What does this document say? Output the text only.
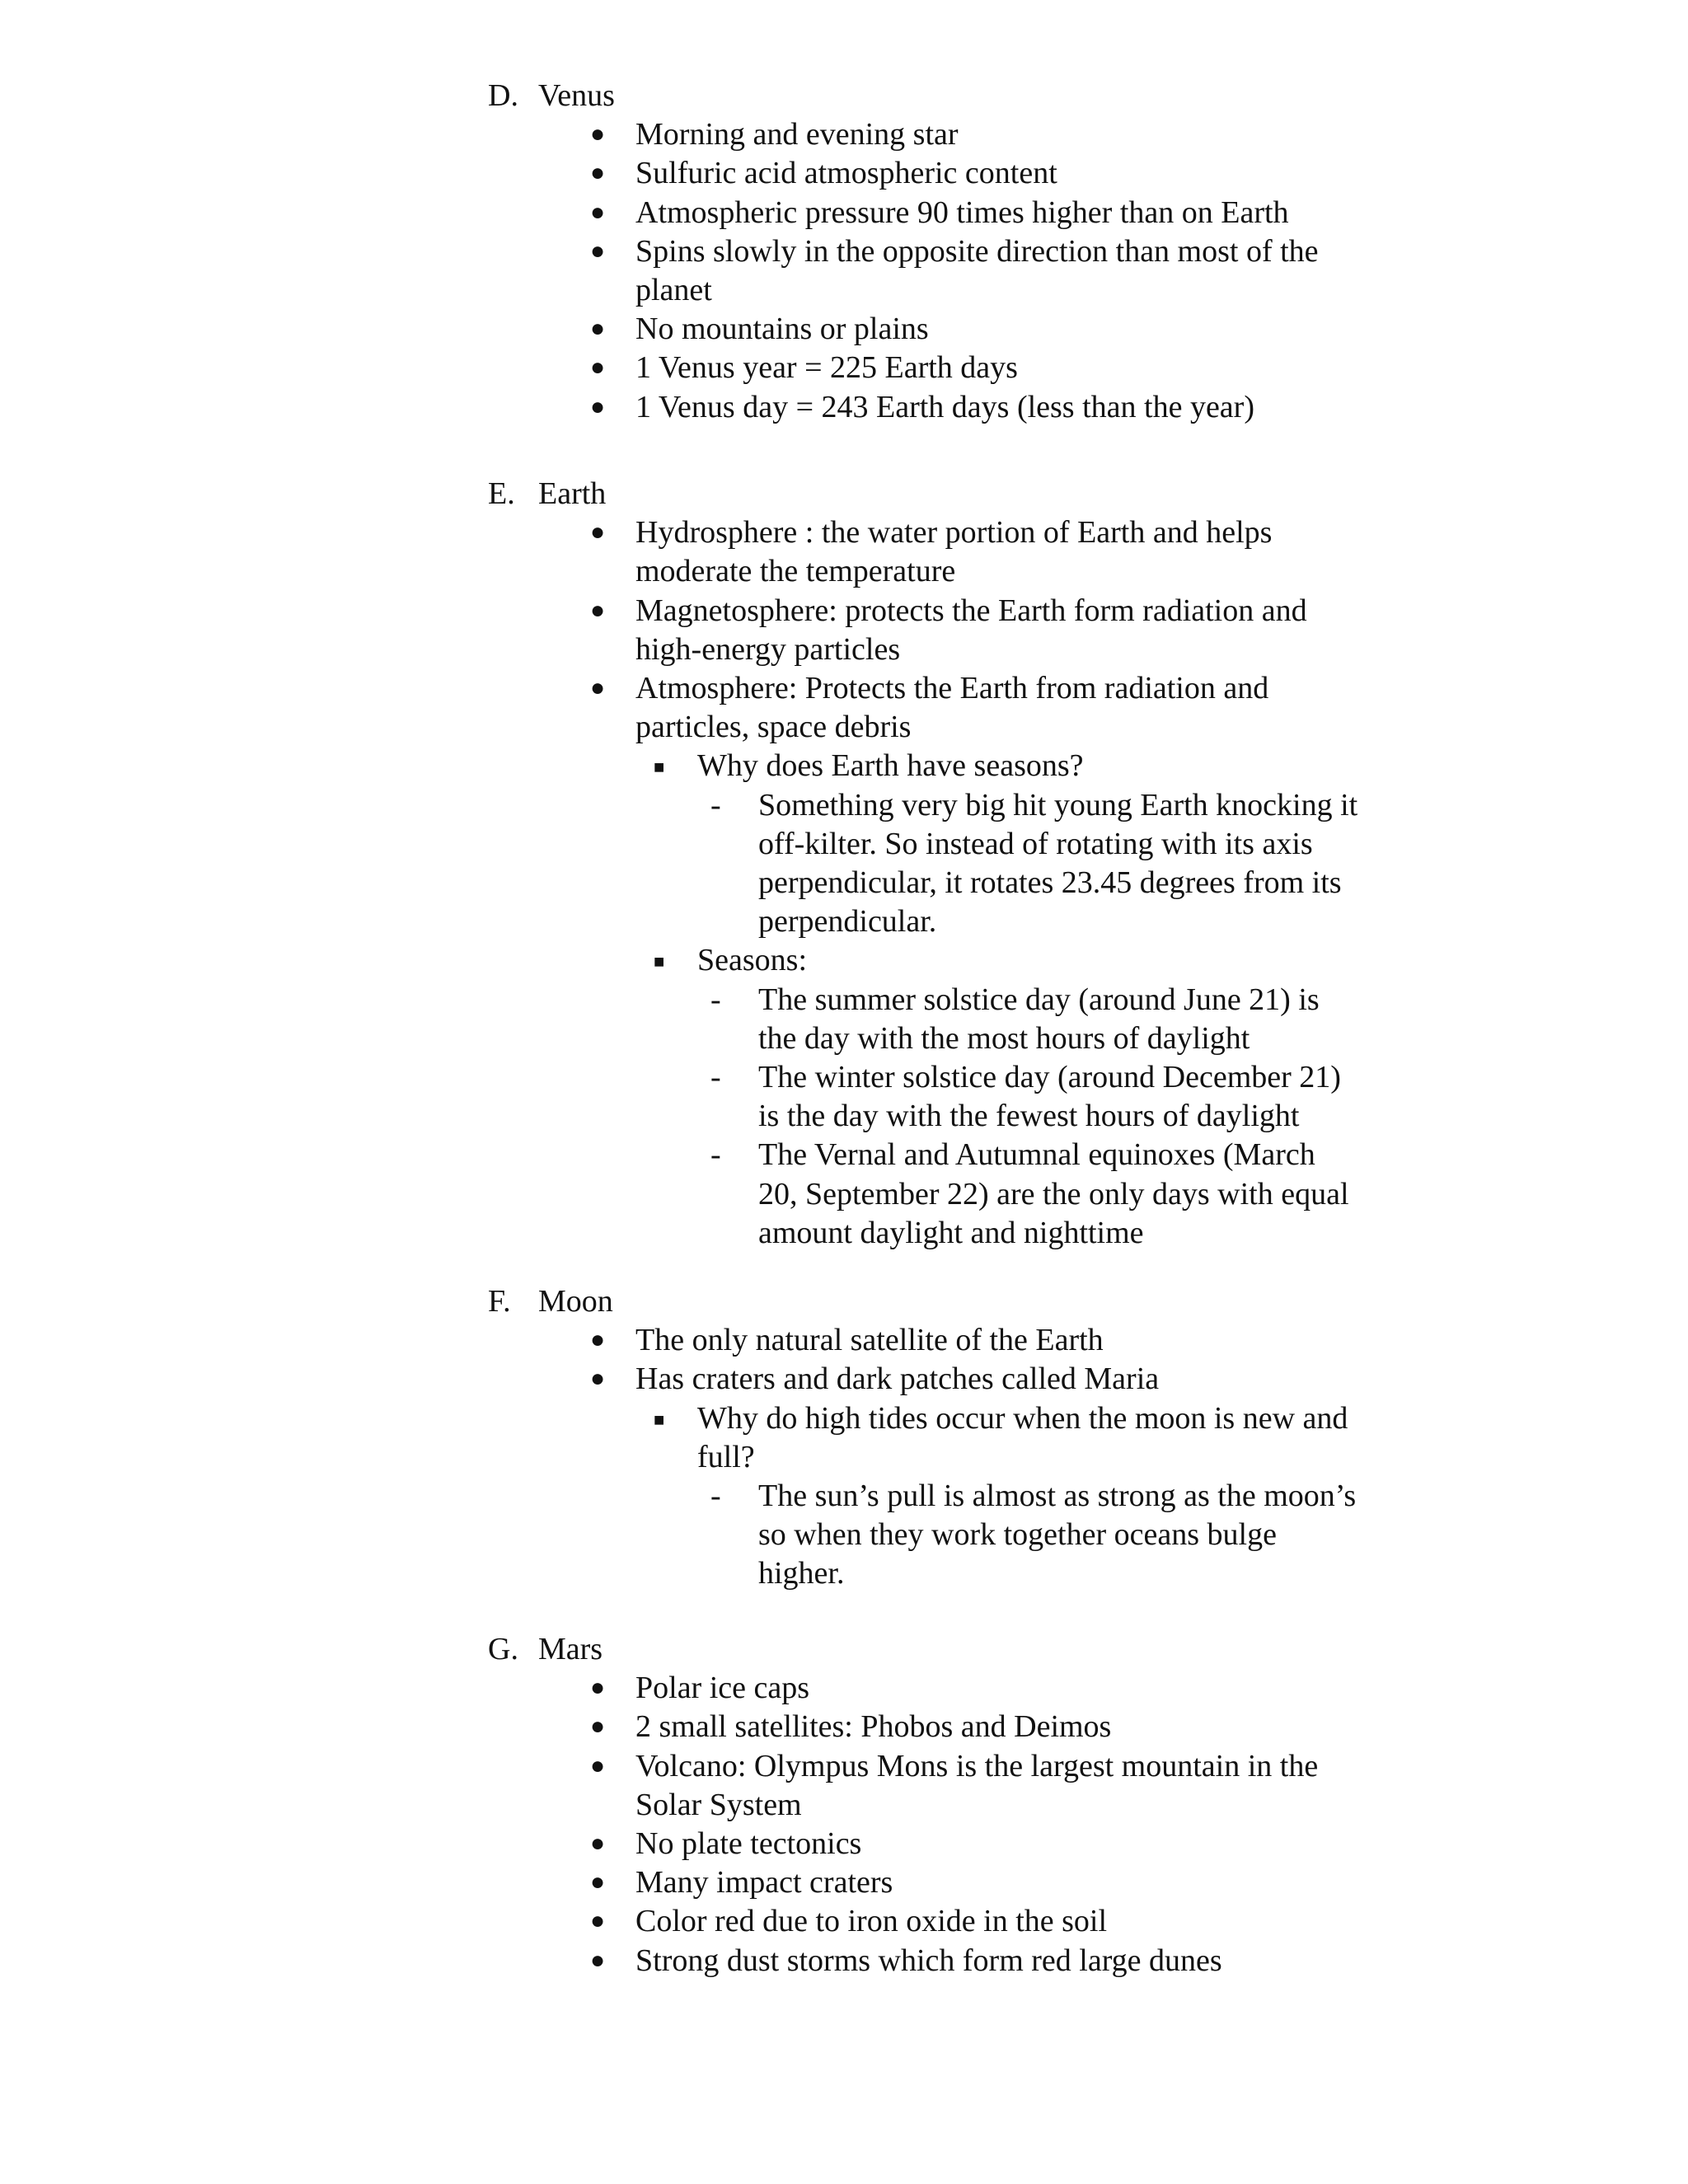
D. Venus
● Morning and evening star
● Sulfuric acid atmospheric content
● Atmospheric pressure 90 times higher than on Earth
● Spins slowly in the opposite direction than most of the
planet
● No mountains or plains
● 1 Venus year = 225 Earth days
● 1 Venus day = 243 Earth days (less than the year)
E. Earth
● Hydrosphere : the water portion of Earth and helps
moderate the temperature
● Magnetosphere: protects the Earth form radiation and
high-energy particles
● Atmosphere: Protects the Earth from radiation and
particles, space debris
■ Why does Earth have seasons?
- Something very big hit young Earth knocking it
off-kilter. So instead of rotating with its axis
perpendicular, it rotates 23.45 degrees from its
perpendicular.
■ Seasons:
- The summer solstice day (around June 21) is
the day with the most hours of daylight
- The winter solstice day (around December 21)
is the day with the fewest hours of daylight
- The Vernal and Autumnal equinoxes (March
20, September 22) are the only days with equal
amount daylight and nighttime
F. Moon
● The only natural satellite of the Earth
● Has craters and dark patches called Maria
■ Why do high tides occur when the moon is new and
full?
- The sun’s pull is almost as strong as the moon’s
so when they work together oceans bulge
higher.
G. Mars
● Polar ice caps
● 2 small satellites: Phobos and Deimos
● Volcano: Olympus Mons is the largest mountain in the
Solar System
● No plate tectonics
● Many impact craters
● Color red due to iron oxide in the soil
● Strong dust storms which form red large dunes
